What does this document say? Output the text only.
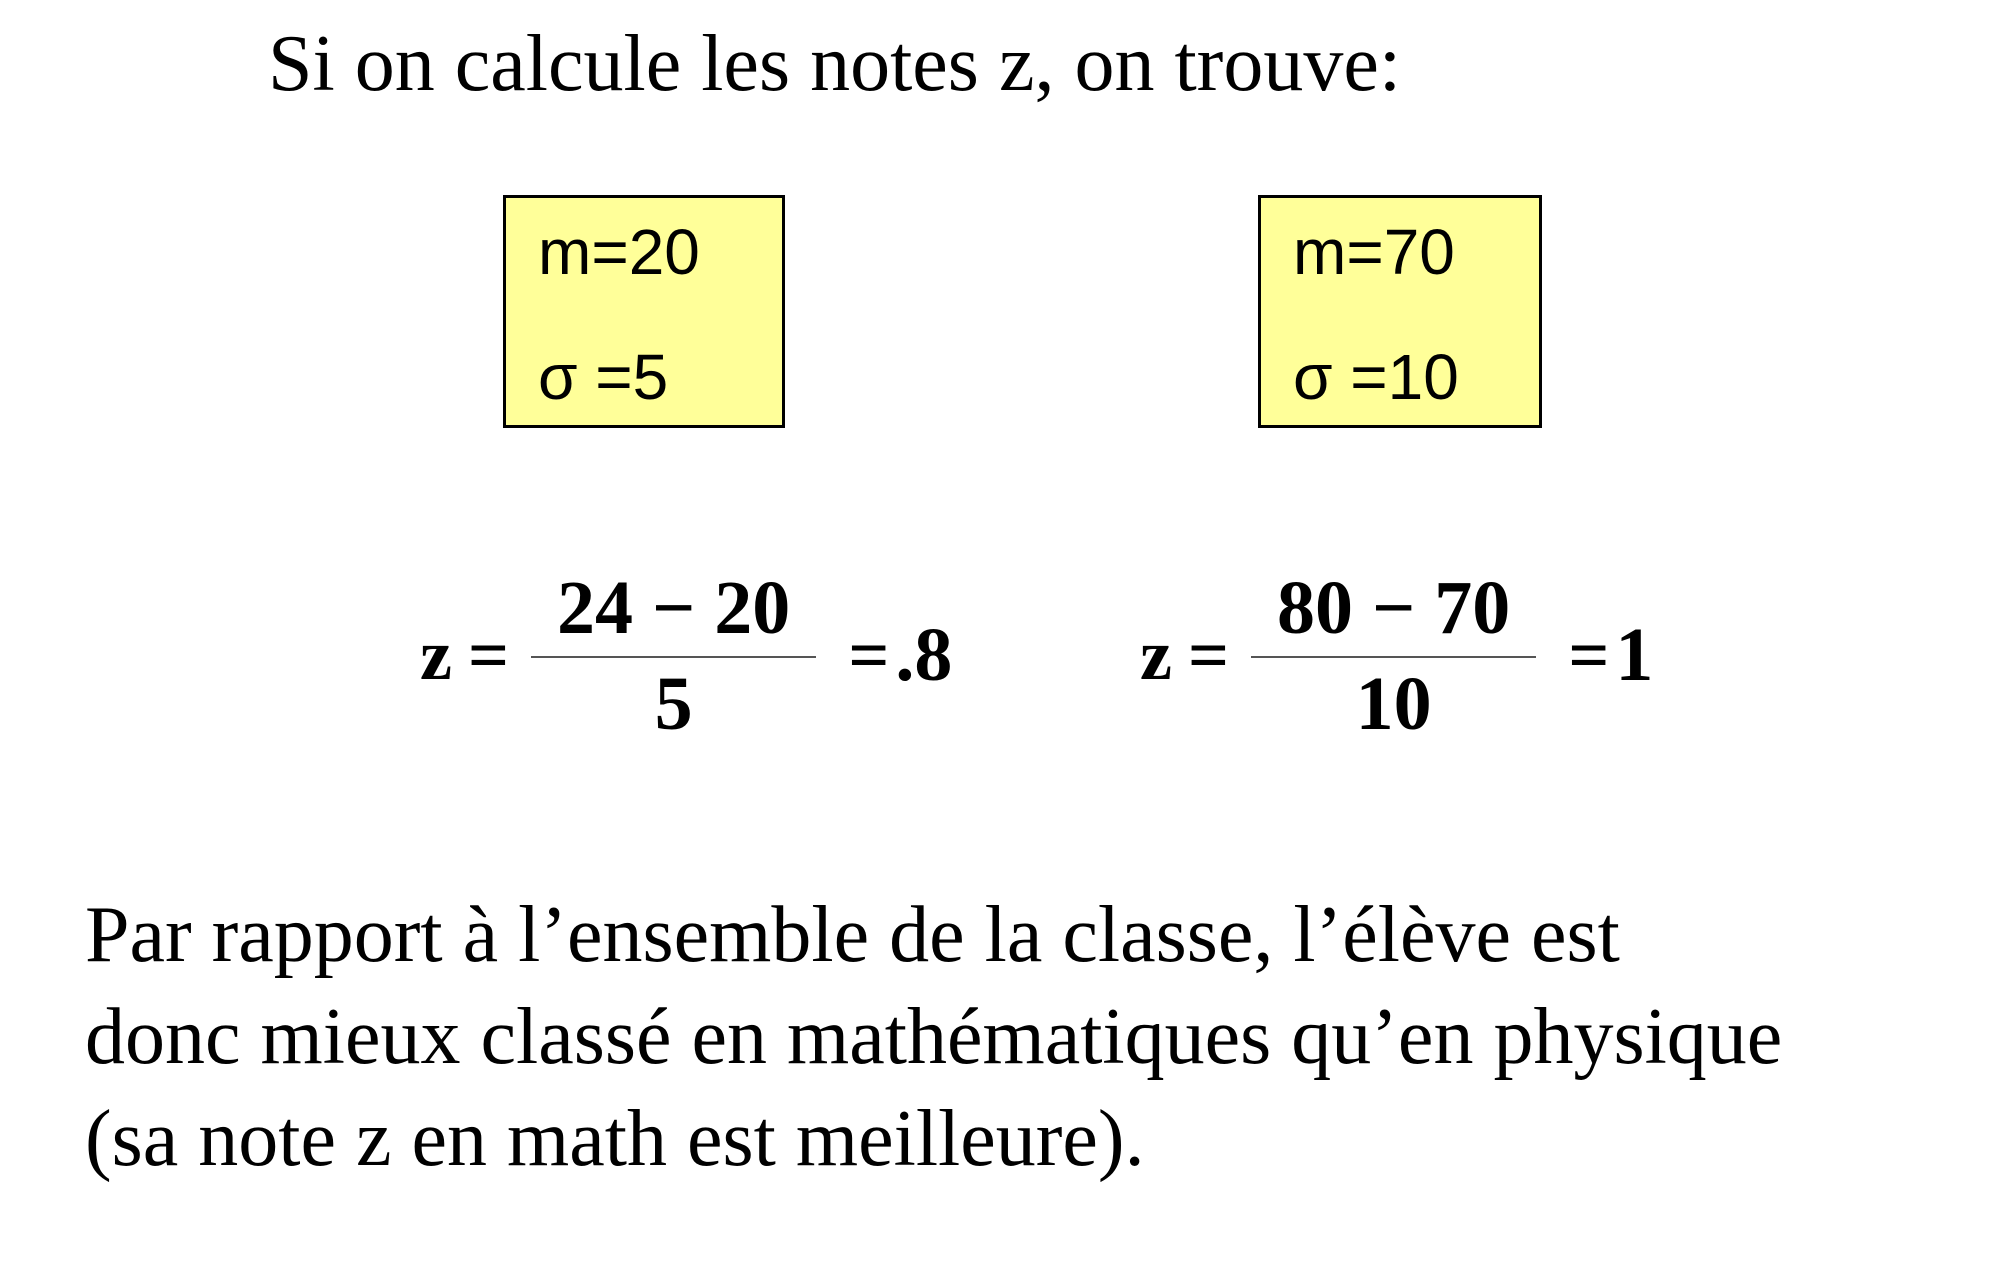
Si on calcule les notes z, on trouve:
m=20
σ =5
m=70
σ =10
$z = \frac{24 - 20}{5} = .8$	$z = \frac{80 - 70}{10} = 1$
Par rapport à l’ensemble de la classe, l’élève est
donc mieux classé en mathématiques qu’en physique
(sa note z en math est meilleure).
